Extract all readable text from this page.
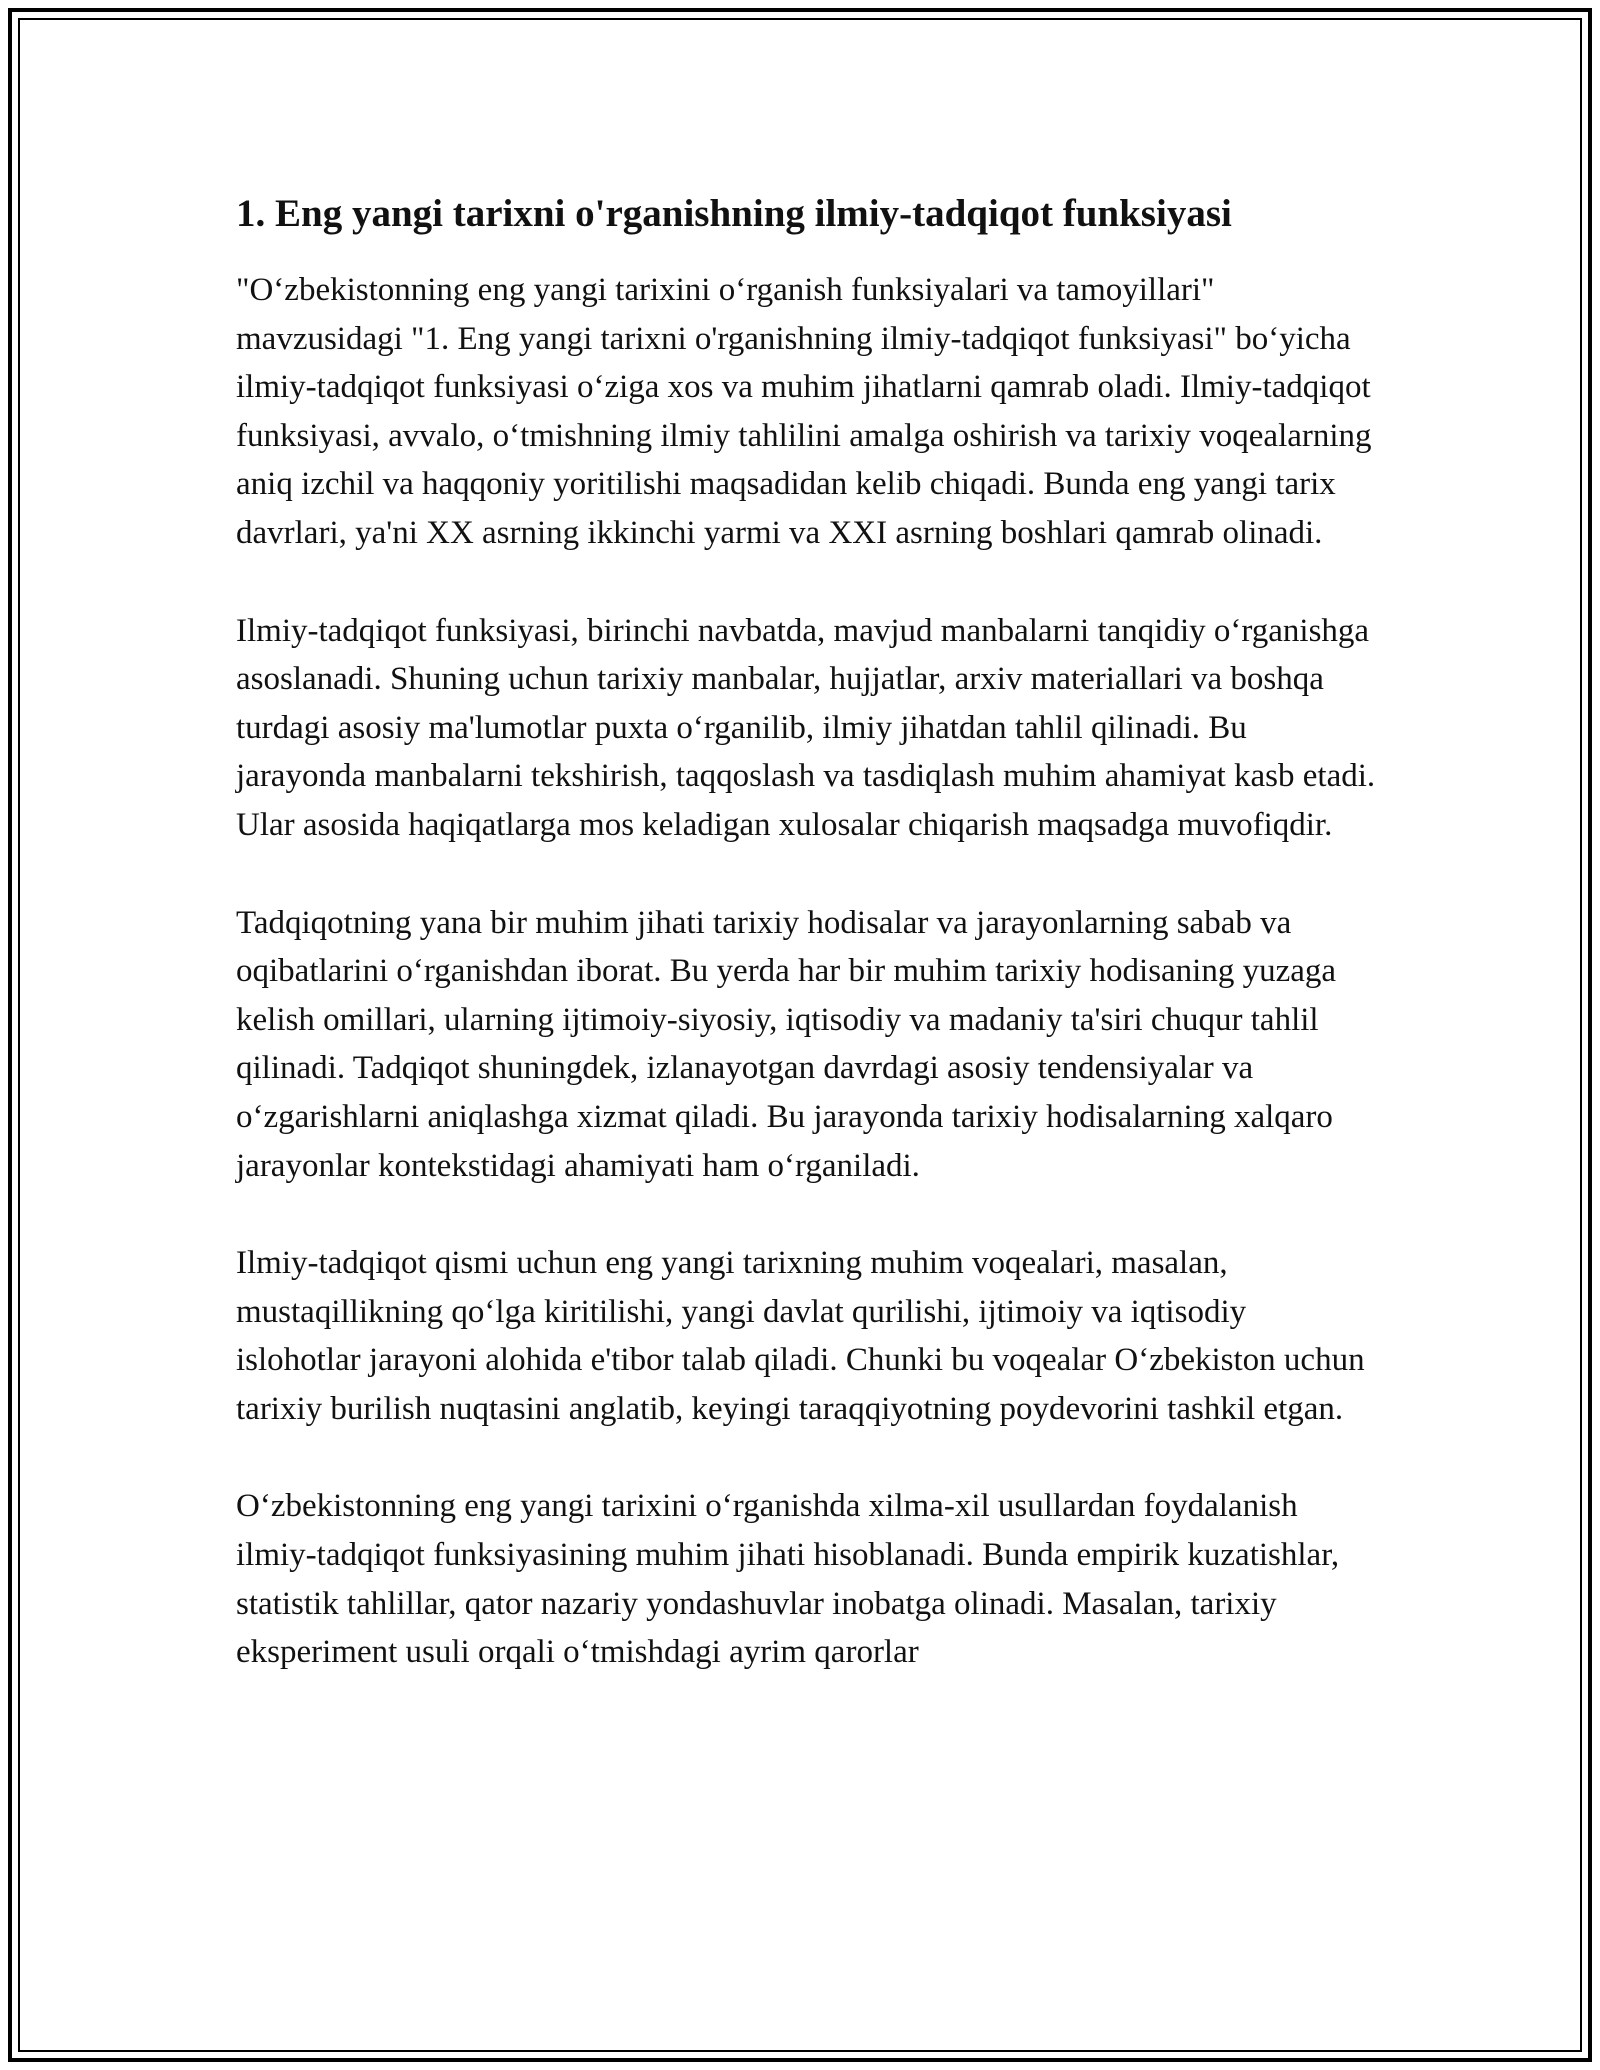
1. Eng yangi tarixni o'rganishning ilmiy-tadqiqot funksiyasi

"O‘zbekistonning eng yangi tarixini o‘rganish funksiyalari va tamoyillari" mavzusidagi "1. Eng yangi tarixni o'rganishning ilmiy-tadqiqot funksiyasi" bo‘yicha ilmiy-tadqiqot funksiyasi o‘ziga xos va muhim jihatlarni qamrab oladi. Ilmiy-tadqiqot funksiyasi, avvalo, o‘tmishning ilmiy tahlilini amalga oshirish va tarixiy voqealarning aniq izchil va haqqoniy yoritilishi maqsadidan kelib chiqadi. Bunda eng yangi tarix davrlari, ya'ni XX asrning ikkinchi yarmi va XXI asrning boshlari qamrab olinadi.

Ilmiy-tadqiqot funksiyasi, birinchi navbatda, mavjud manbalarni tanqidiy o‘rganishga asoslanadi. Shuning uchun tarixiy manbalar, hujjatlar, arxiv materiallari va boshqa turdagi asosiy ma'lumotlar puxta o‘rganilib, ilmiy jihatdan tahlil qilinadi. Bu jarayonda manbalarni tekshirish, taqqoslash va tasdiqlash muhim ahamiyat kasb etadi. Ular asosida haqiqatlarga mos keladigan xulosalar chiqarish maqsadga muvofiqdir.

Tadqiqotning yana bir muhim jihati tarixiy hodisalar va jarayonlarning sabab va oqibatlarini o‘rganishdan iborat. Bu yerda har bir muhim tarixiy hodisaning yuzaga kelish omillari, ularning ijtimoiy-siyosiy, iqtisodiy va madaniy ta'siri chuqur tahlil qilinadi. Tadqiqot shuningdek, izlanayotgan davrdagi asosiy tendensiyalar va o‘zgarishlarni aniqlashga xizmat qiladi. Bu jarayonda tarixiy hodisalarning xalqaro jarayonlar kontekstidagi ahamiyati ham o‘rganiladi.

Ilmiy-tadqiqot qismi uchun eng yangi tarixning muhim voqealari, masalan, mustaqillikning qo‘lga kiritilishi, yangi davlat qurilishi, ijtimoiy va iqtisodiy islohotlar jarayoni alohida e'tibor talab qiladi. Chunki bu voqealar O‘zbekiston uchun tarixiy burilish nuqtasini anglatib, keyingi taraqqiyotning poydevorini tashkil etgan.

O‘zbekistonning eng yangi tarixini o‘rganishda xilma-xil usullardan foydalanish ilmiy-tadqiqot funksiyasining muhim jihati hisoblanadi. Bunda empirik kuzatishlar, statistik tahlillar, qator nazariy yondashuvlar inobatga olinadi. Masalan, tarixiy eksperiment usuli orqali o‘tmishdagi ayrim qarorlar
